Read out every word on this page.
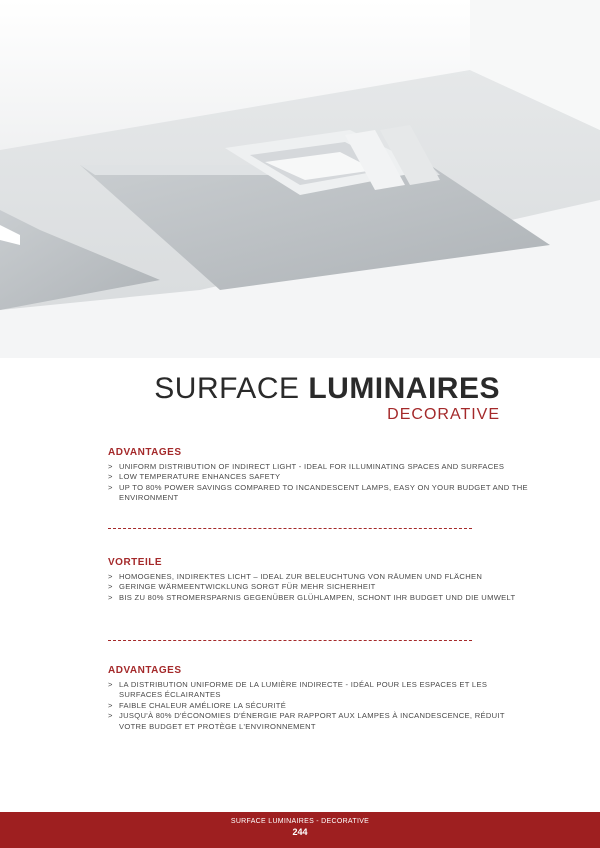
SURFACE LUMINAIRES
DECORATIVE
ADVANTAGES
> UNIFORM DISTRIBUTION OF INDIRECT LIGHT - IDEAL FOR ILLUMINATING SPACES AND SURFACES
> LOW TEMPERATURE ENHANCES SAFETY
> UP TO 80% POWER SAVINGS COMPARED TO INCANDESCENT LAMPS, EASY ON YOUR BUDGET AND THE ENVIRONMENT
VORTEILE
> HOMOGENES, INDIREKTES LICHT – IDEAL ZUR BELEUCHTUNG VON RÄUMEN UND FLÄCHEN
> GERINGE WÄRMEENTWICKLUNG SORGT FÜR MEHR SICHERHEIT
> BIS ZU 80% STROMERSPARNIS GEGENÜBER GLÜHLAMPEN, SCHONT IHR BUDGET UND DIE UMWELT
ADVANTAGES
> LA DISTRIBUTION UNIFORME DE LA LUMIÈRE INDIRECTE - IDÉAL POUR LES ESPACES ET LES SURFACES ÉCLAIRANTES
> FAIBLE CHALEUR AMÉLIORE LA SÉCURITÉ
> JUSQU'À 80% D'ÉCONOMIES D'ÉNERGIE PAR RAPPORT AUX LAMPES À INCANDESCENCE, RÉDUIT VOTRE BUDGET ET PROTÈGE L'ENVIRONNEMENT
SURFACE LUMINAIRES - DECORATIVE
244
